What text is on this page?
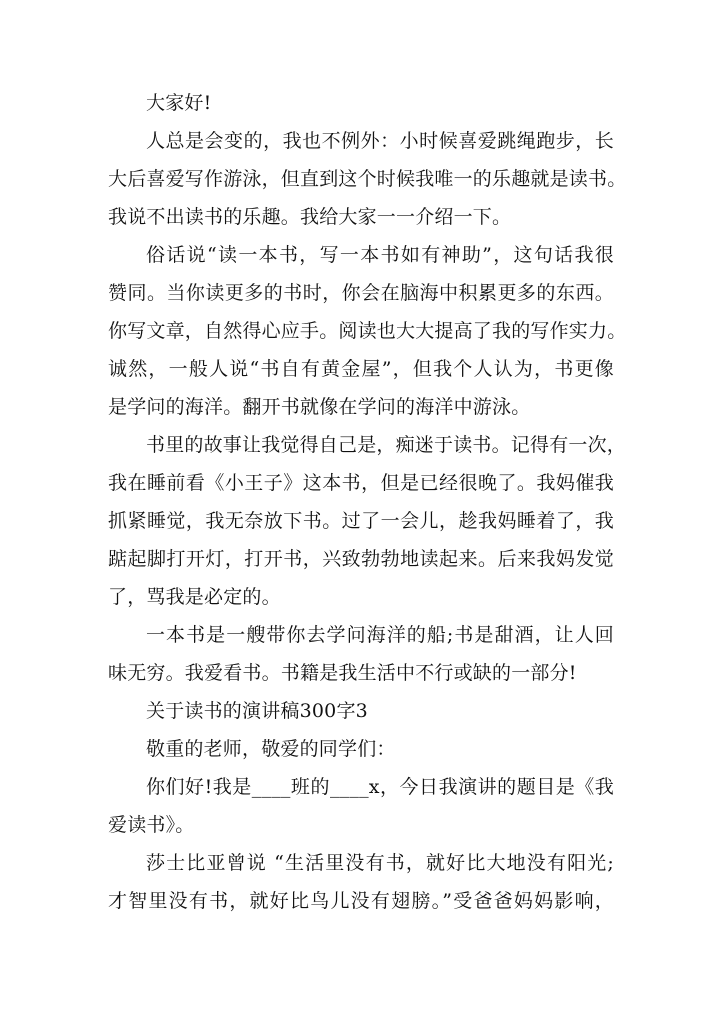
大家好!

人总是会变的，我也不例外：小时候喜爱跳绳跑步，长
大后喜爱写作游泳，但直到这个时候我唯一的乐趣就是读书。
我说不出读书的乐趣。我给大家一一介绍一下。

俗话说“读一本书，写一本书如有神助”，这句话我很
赞同。当你读更多的书时，你会在脑海中积累更多的东西。
你写文章，自然得心应手。阅读也大大提高了我的写作实力。
诚然，一般人说“书自有黄金屋”，但我个人认为，书更像
是学问的海洋。翻开书就像在学问的海洋中游泳。

书里的故事让我觉得自己是，痴迷于读书。记得有一次，
我在睡前看《小王子》这本书，但是已经很晚了。我妈催我
抓紧睡觉，我无奈放下书。过了一会儿，趁我妈睡着了，我
踮起脚打开灯，打开书，兴致勃勃地读起来。后来我妈发觉
了，骂我是必定的。

一本书是一艘带你去学问海洋的船;书是甜酒，让人回
味无穷。我爱看书。书籍是我生活中不行或缺的一部分!

关于读书的演讲稿300字3

敬重的老师，敬爱的同学们：

你们好!我是____班的____x，今日我演讲的题目是《我
爱读书》。

莎士比亚曾说 “生活里没有书，就好比大地没有阳光;
才智里没有书，就好比鸟儿没有翅膀。”受爸爸妈妈影响，
